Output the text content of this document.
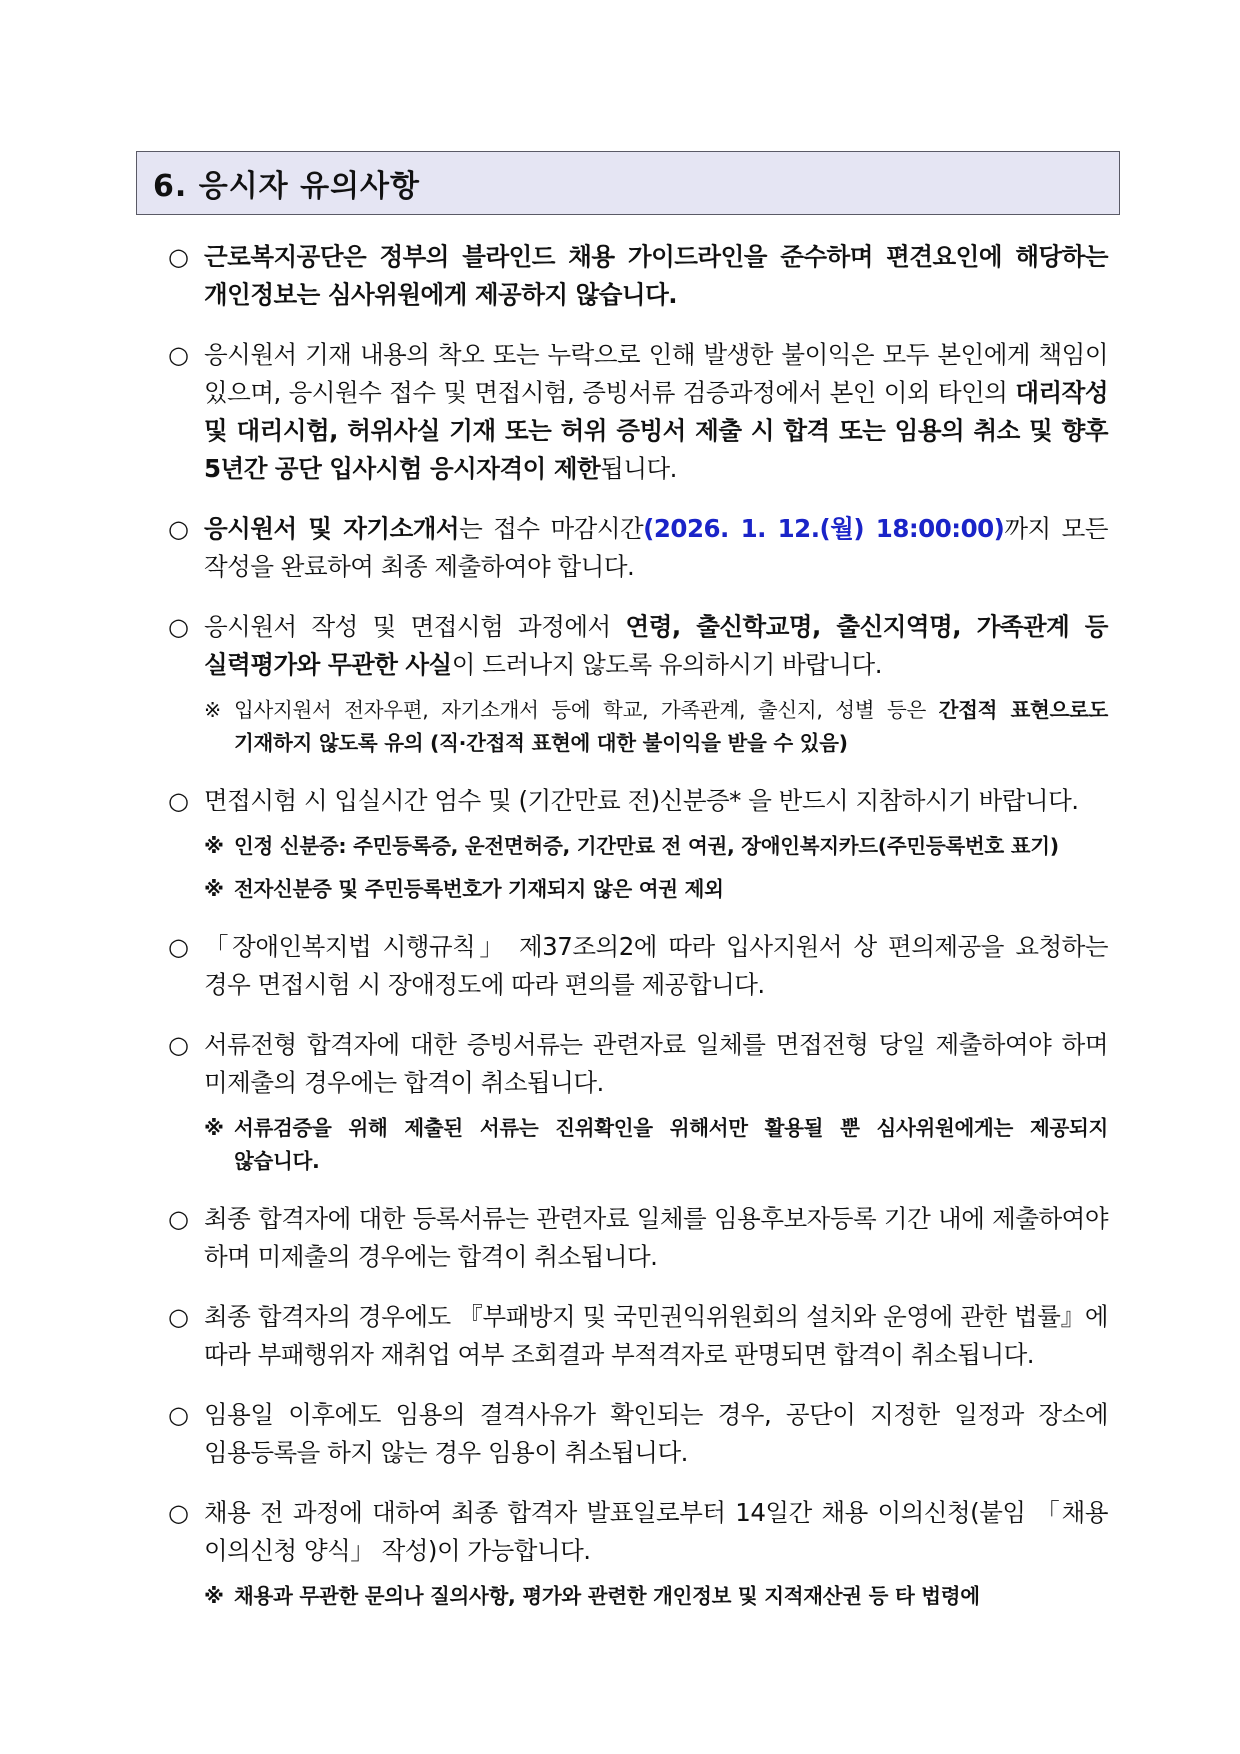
6. 응시자 유의사항
○
근로복지공단은 정부의 블라인드 채용 가이드라인을 준수하며 편견요인에 해당하는 개인정보는 심사위원에게 제공하지 않습니다.
○
응시원서 기재 내용의 착오 또는 누락으로 인해 발생한 불이익은 모두 본인에게 책임이 있으며, 응시원수 접수 및 면접시험, 증빙서류 검증과정에서 본인 이외 타인의 대리작성 및 대리시험, 허위사실 기재 또는 허위 증빙서 제출 시 합격 또는 임용의 취소 및 향후 5년간 공단 입사시험 응시자격이 제한됩니다.
○
응시원서 및 자기소개서는 접수 마감시간(2026. 1. 12.(월) 18:00:00)까지 모든 작성을 완료하여 최종 제출하여야 합니다.
○
응시원서 작성 및 면접시험 과정에서 연령, 출신학교명, 출신지역명, 가족관계 등 실력평가와 무관한 사실이 드러나지 않도록 유의하시기 바랍니다.
※ 입사지원서 전자우편, 자기소개서 등에 학교, 가족관계, 출신지, 성별 등은 간접적 표현으로도 기재하지 않도록 유의 (직·간접적 표현에 대한 불이익을 받을 수 있음)
○
면접시험 시 입실시간 엄수 및 (기간만료 전)신분증* 을 반드시 지참하시기 바랍니다.
※ 인정 신분증: 주민등록증, 운전면허증, 기간만료 전 여권, 장애인복지카드(주민등록번호 표기)
※ 전자신분증 및 주민등록번호가 기재되지 않은 여권 제외
○
「장애인복지법 시행규칙」 제37조의2에 따라 입사지원서 상 편의제공을 요청하는 경우 면접시험 시 장애정도에 따라 편의를 제공합니다.
○
서류전형 합격자에 대한 증빙서류는 관련자료 일체를 면접전형 당일 제출하여야 하며 미제출의 경우에는 합격이 취소됩니다.
※ 서류검증을 위해 제출된 서류는 진위확인을 위해서만 활용될 뿐 심사위원에게는 제공되지 않습니다.
○
최종 합격자에 대한 등록서류는 관련자료 일체를 임용후보자등록 기간 내에 제출하여야 하며 미제출의 경우에는 합격이 취소됩니다.
○
최종 합격자의 경우에도 『부패방지 및 국민권익위원회의 설치와 운영에 관한 법률』에 따라 부패행위자 재취업 여부 조회결과 부적격자로 판명되면 합격이 취소됩니다.
○
임용일 이후에도 임용의 결격사유가 확인되는 경우, 공단이 지정한 일정과 장소에 임용등록을 하지 않는 경우 임용이 취소됩니다.
○
채용 전 과정에 대하여 최종 합격자 발표일로부터 14일간 채용 이의신청(붙임 「채용 이의신청 양식」 작성)이 가능합니다.
※ 채용과 무관한 문의나 질의사항, 평가와 관련한 개인정보 및 지적재산권 등 타 법령에
